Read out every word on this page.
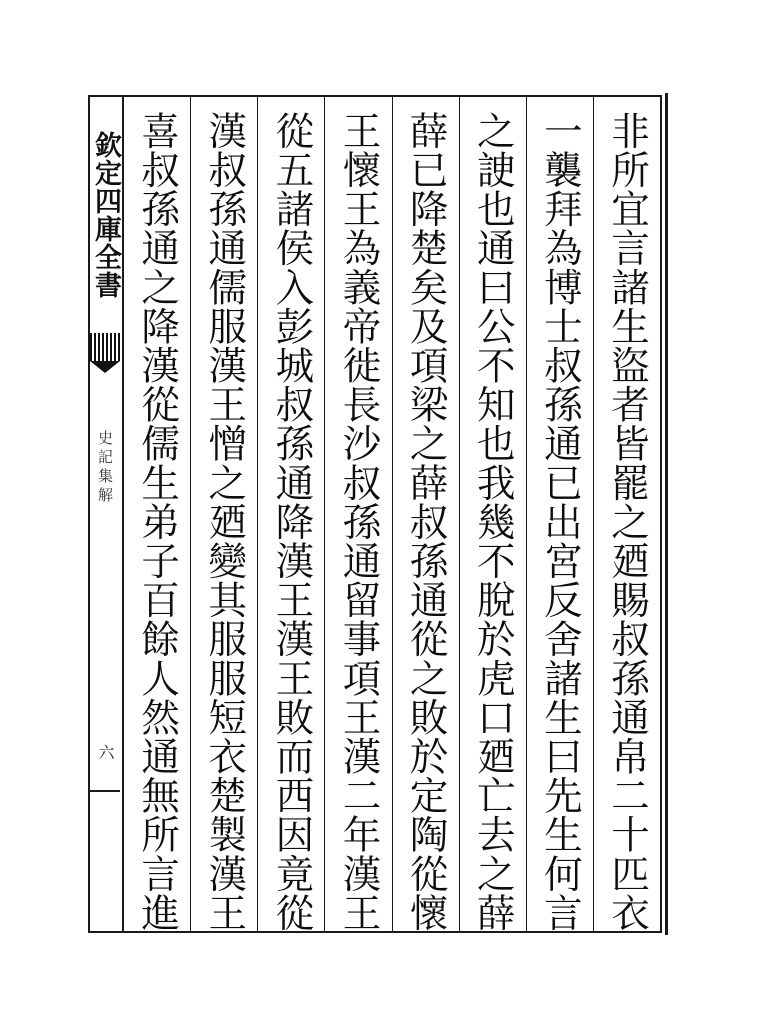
欽定四庫全書
史記集解
六	非所宜言諸生盜者皆罷之廼賜叔孫通帛二十匹衣
一襲拜為博士叔孫通已出宮反舍諸生曰先生何言
之䛕也通曰公不知也我幾不脫於虎口廼亡去之薛
薛已降楚矣及項梁之薛叔孫通從之敗於定陶從懷
王懷王為義帝徙長沙叔孫通留事項王漢二年漢王
從五諸侯入彭城叔孫通降漢王漢王敗而西因竟從
漢叔孫通儒服漢王憎之廼變其服服短衣楚製漢王
喜叔孫通之降漢從儒生弟子百餘人然通無所言進
